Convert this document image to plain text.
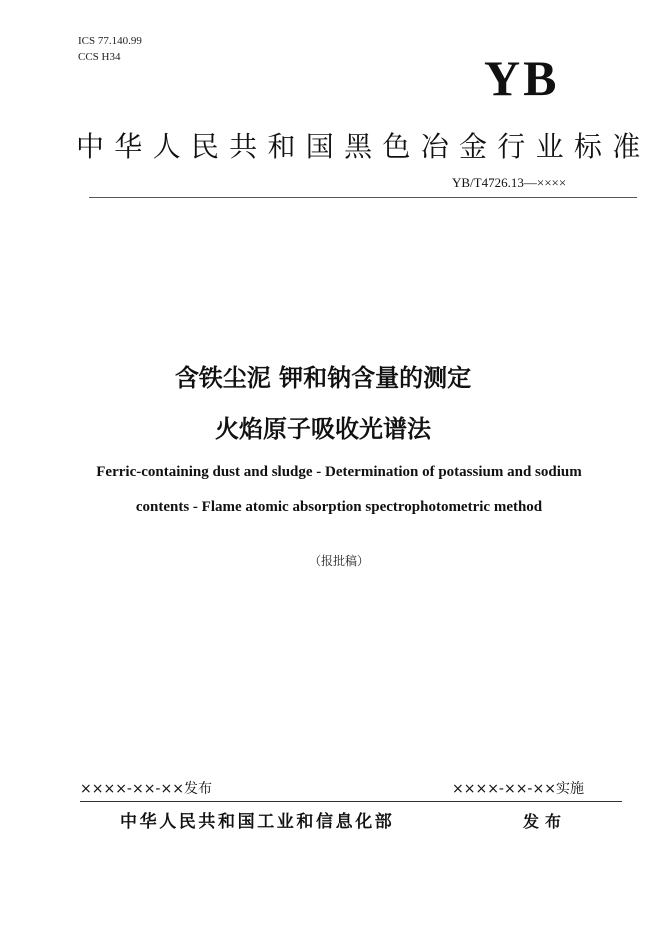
ICS 77.140.99
CCS H34	YB
中华人民共和国黑色冶金行业标准
YB/T4726.13—××××
含铁尘泥 钾和钠含量的测定
火焰原子吸收光谱法
Ferric-containing dust and sludge - Determination of potassium and sodium
contents - Flame atomic absorption spectrophotometric method
（报批稿）
××××-××-××发布	××××-××-××实施
中华人民共和国工业和信息化部	发布
